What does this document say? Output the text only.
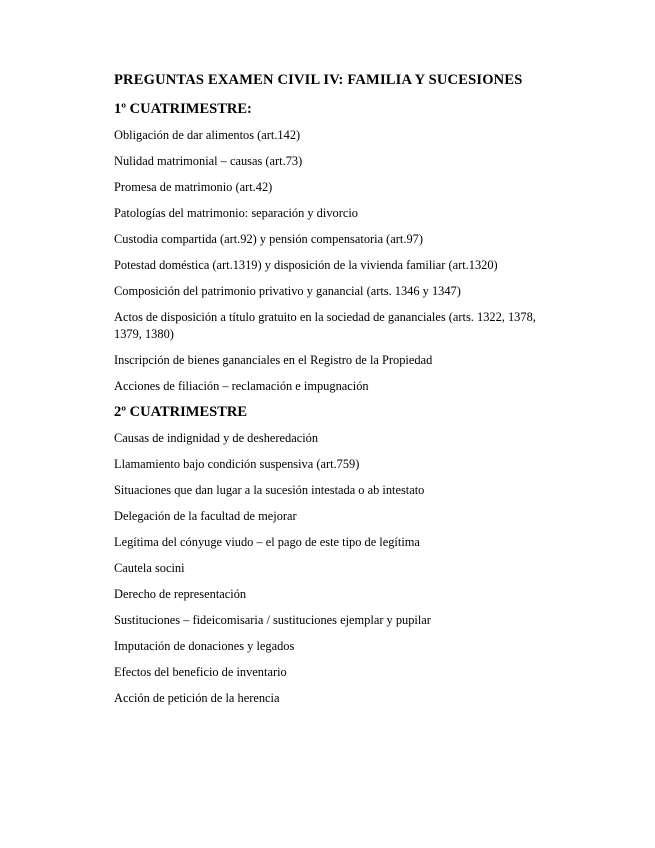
PREGUNTAS EXAMEN CIVIL IV: FAMILIA Y SUCESIONES
1º CUATRIMESTRE:
Obligación de dar alimentos (art.142)
Nulidad matrimonial – causas (art.73)
Promesa de matrimonio (art.42)
Patologías del matrimonio: separación y divorcio
Custodia compartida (art.92) y pensión compensatoria (art.97)
Potestad doméstica (art.1319) y disposición de la vivienda familiar (art.1320)
Composición del patrimonio privativo y ganancial (arts. 1346 y 1347)
Actos de disposición a título gratuito en la sociedad de gananciales (arts. 1322, 1378, 1379, 1380)
Inscripción de bienes gananciales en el Registro de la Propiedad
Acciones de filiación – reclamación e impugnación
2º CUATRIMESTRE
Causas de indignidad y de desheredación
Llamamiento bajo condición suspensiva (art.759)
Situaciones que dan lugar a la sucesión intestada o ab intestato
Delegación de la facultad de mejorar
Legítima del cónyuge viudo – el pago de este tipo de legítima
Cautela socini
Derecho de representación
Sustituciones – fideicomisaria / sustituciones ejemplar y pupilar
Imputación de donaciones y legados
Efectos del beneficio de inventario
Acción de petición de la herencia
